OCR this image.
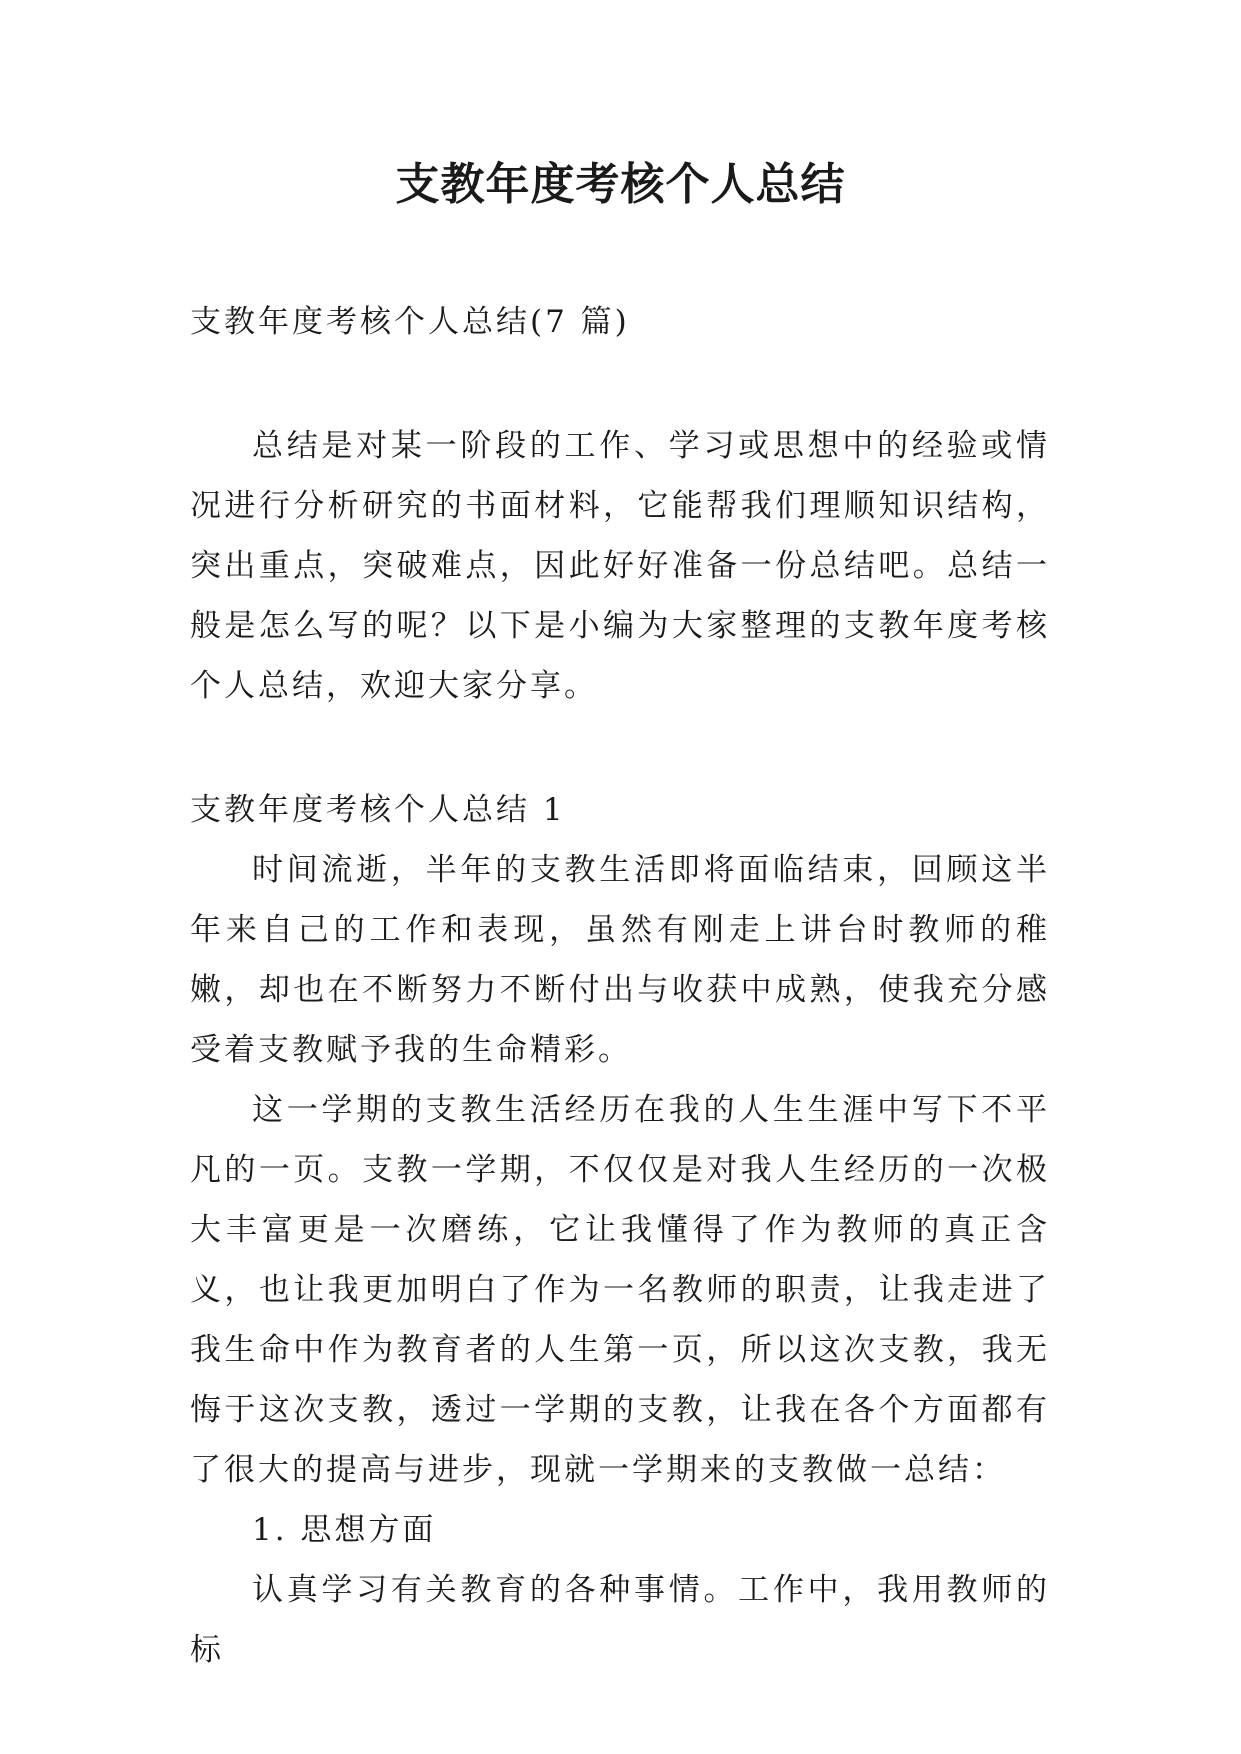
支教年度考核个人总结

支教年度考核个人总结(7 篇)

总结是对某一阶段的工作、学习或思想中的经验或情况进行分析研究的书面材料，它能帮我们理顺知识结构，突出重点，突破难点，因此好好准备一份总结吧。总结一般是怎么写的呢？以下是小编为大家整理的支教年度考核个人总结，欢迎大家分享。

支教年度考核个人总结 1

时间流逝，半年的支教生活即将面临结束，回顾这半年来自己的工作和表现，虽然有刚走上讲台时教师的稚嫩，却也在不断努力不断付出与收获中成熟，使我充分感受着支教赋予我的生命精彩。

这一学期的支教生活经历在我的人生生涯中写下不平凡的一页。支教一学期，不仅仅是对我人生经历的一次极大丰富更是一次磨练，它让我懂得了作为教师的真正含义，也让我更加明白了作为一名教师的职责，让我走进了我生命中作为教育者的人生第一页，所以这次支教，我无悔于这次支教，透过一学期的支教，让我在各个方面都有了很大的提高与进步，现就一学期来的支教做一总结：

1. 思想方面

认真学习有关教育的各种事情。工作中，我用教师的标
